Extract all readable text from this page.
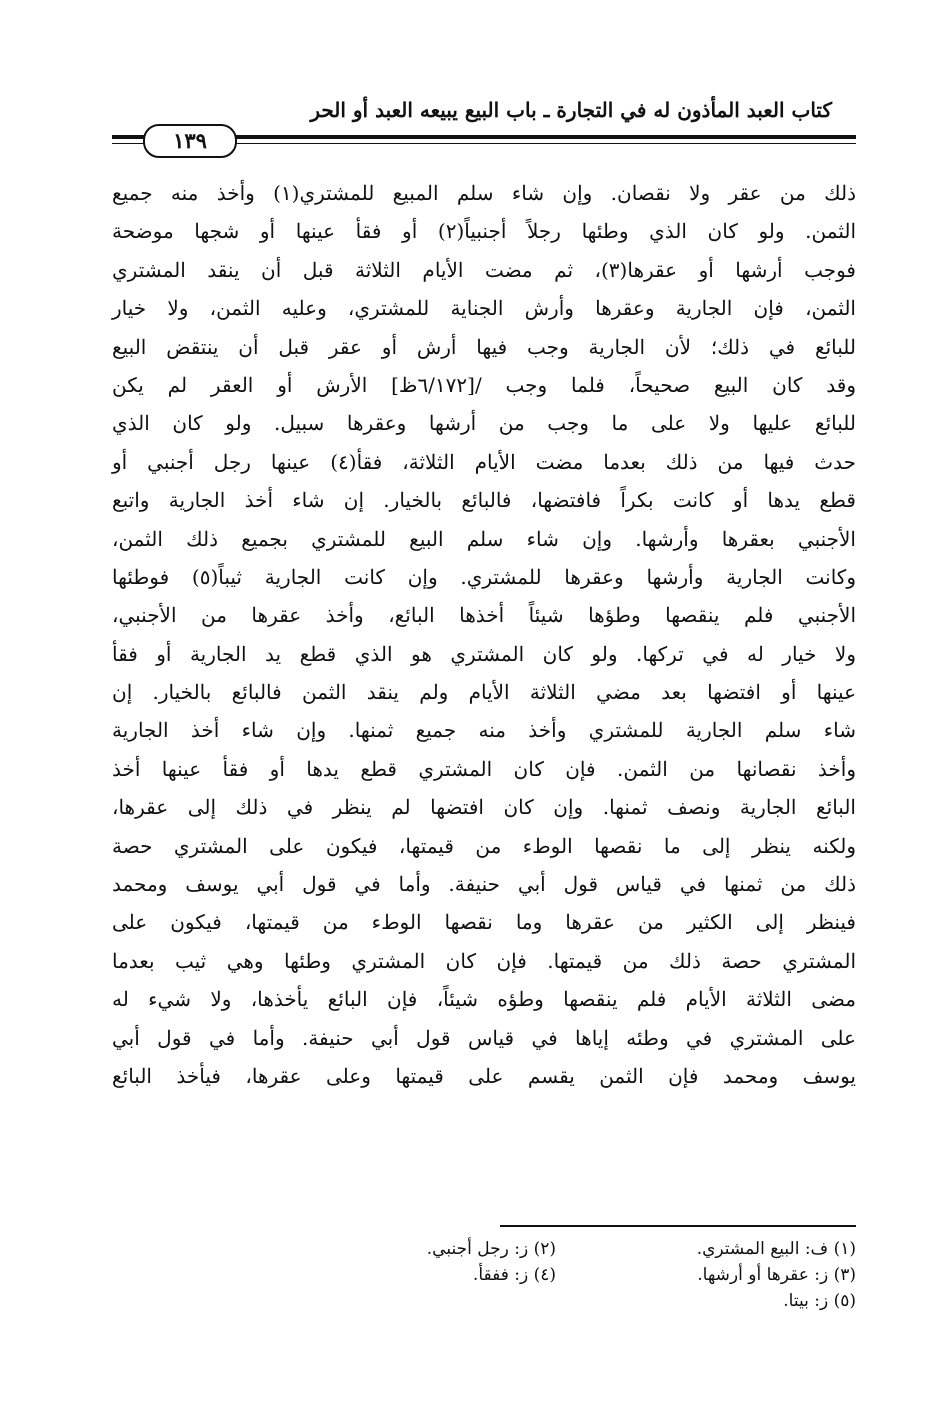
كتاب العبد المأذون له في التجارة ـ باب البيع يبيعه العبد أو الحر
١٣٩
ذلك من عقر ولا نقصان. وإن شاء سلم المبيع للمشتري(١) وأخذ منه جميع
الثمن. ولو كان الذي وطئها رجلاً أجنبياً(٢) أو فقأ عينها أو شجها موضحة
فوجب أرشها أو عقرها(٣)، ثم مضت الأيام الثلاثة قبل أن ينقد المشتري
الثمن، فإن الجارية وعقرها وأرش الجناية للمشتري، وعليه الثمن، ولا خيار
للبائع في ذلك؛ لأن الجارية وجب فيها أرش أو عقر قبل أن ينتقض البيع
وقد كان البيع صحيحاً، فلما وجب /[٦/١٧٢ظ] الأرش أو العقر لم يكن
للبائع عليها ولا على ما وجب من أرشها وعقرها سبيل. ولو كان الذي
حدث فيها من ذلك بعدما مضت الأيام الثلاثة، فقأ(٤) عينها رجل أجنبي أو
قطع يدها أو كانت بكراً فافتضها، فالبائع بالخيار. إن شاء أخذ الجارية واتبع
الأجنبي بعقرها وأرشها. وإن شاء سلم البيع للمشتري بجميع ذلك الثمن،
وكانت الجارية وأرشها وعقرها للمشتري. وإن كانت الجارية ثيباً(٥) فوطئها
الأجنبي فلم ينقصها وطؤها شيئاً أخذها البائع، وأخذ عقرها من الأجنبي،
ولا خيار له في تركها. ولو كان المشتري هو الذي قطع يد الجارية أو فقأ
عينها أو افتضها بعد مضي الثلاثة الأيام ولم ينقد الثمن فالبائع بالخيار. إن
شاء سلم الجارية للمشتري وأخذ منه جميع ثمنها. وإن شاء أخذ الجارية
وأخذ نقصانها من الثمن. فإن كان المشتري قطع يدها أو فقأ عينها أخذ
البائع الجارية ونصف ثمنها. وإن كان افتضها لم ينظر في ذلك إلى عقرها،
ولكنه ينظر إلى ما نقصها الوطء من قيمتها، فيكون على المشتري حصة
ذلك من ثمنها في قياس قول أبي حنيفة. وأما في قول أبي يوسف ومحمد
فينظر إلى الكثير من عقرها وما نقصها الوطء من قيمتها، فيكون على
المشتري حصة ذلك من قيمتها. فإن كان المشتري وطئها وهي ثيب بعدما
مضى الثلاثة الأيام فلم ينقصها وطؤه شيئاً، فإن البائع يأخذها، ولا شيء له
على المشتري في وطئه إياها في قياس قول أبي حنيفة. وأما في قول أبي
يوسف ومحمد فإن الثمن يقسم على قيمتها وعلى عقرها، فيأخذ البائع
(١) ف: البيع المشتري.(٢) ز: رجل أجنبي.
(٣) ز: عقرها أو أرشها.(٤) ز: ففقأ.
(٥) ز: بيتا.
